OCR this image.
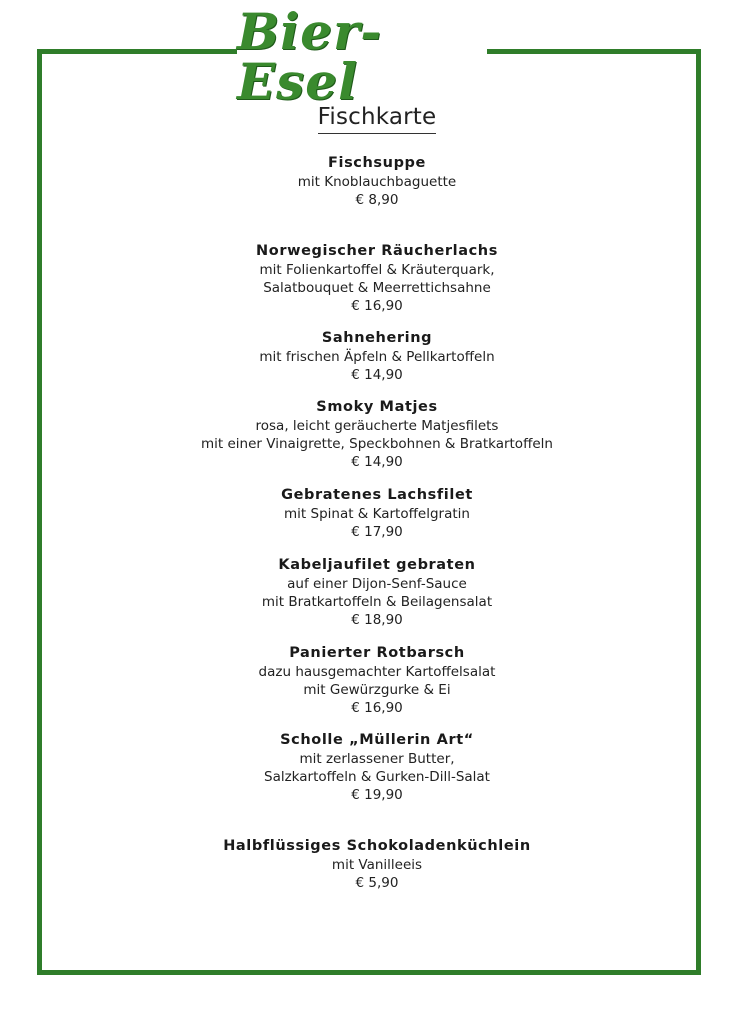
Bier-Esel
Fischkarte
Fischsuppe
mit Knoblauchbaguette
€ 8,90
Norwegischer Räucherlachs
mit Folienkartoffel & Kräuterquark,
Salatbouquet & Meerrettichsahne
€ 16,90
Sahnehering
mit frischen Äpfeln & Pellkartoffeln
€ 14,90
Smoky Matjes
rosa, leicht geräucherte Matjesfilets
mit einer Vinaigrette, Speckbohnen & Bratkartoffeln
€ 14,90
Gebratenes Lachsfilet
mit Spinat & Kartoffelgratin
€ 17,90
Kabeljaufilet gebraten
auf einer Dijon-Senf-Sauce
mit Bratkartoffeln & Beilagensalat
€ 18,90
Panierter Rotbarsch
dazu hausgemachter Kartoffelsalat
mit Gewürzgurke & Ei
€ 16,90
Scholle „Müllerin Art“
mit zerlassener Butter,
Salzkartoffeln & Gurken-Dill-Salat
€ 19,90
Halbflüssiges Schokoladenküchlein
mit Vanilleeis
€ 5,90
